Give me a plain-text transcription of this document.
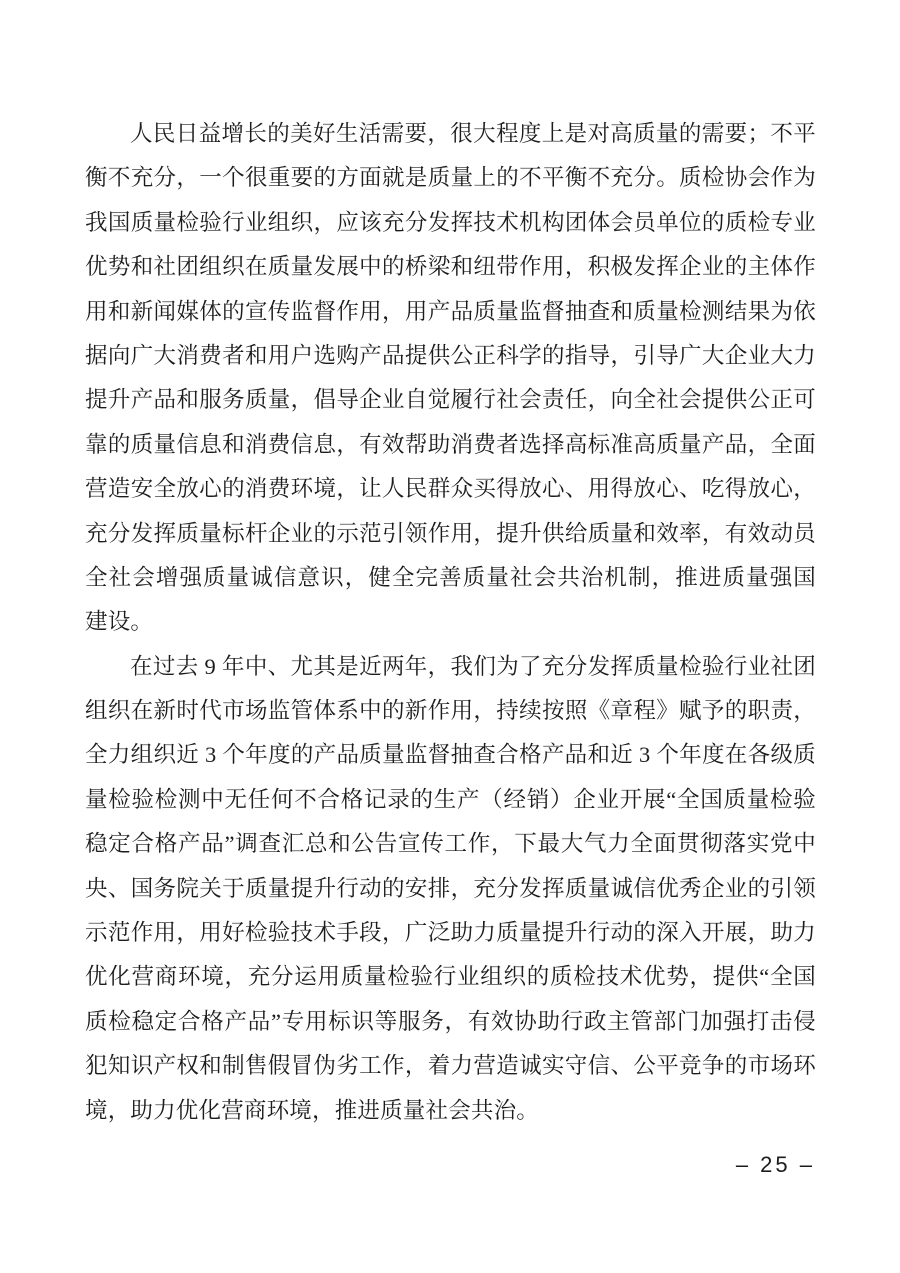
人民日益增长的美好生活需要，很大程度上是对高质量的需要；不平
衡不充分，一个很重要的方面就是质量上的不平衡不充分。质检协会作为
我国质量检验行业组织，应该充分发挥技术机构团体会员单位的质检专业
优势和社团组织在质量发展中的桥梁和纽带作用，积极发挥企业的主体作
用和新闻媒体的宣传监督作用，用产品质量监督抽查和质量检测结果为依
据向广大消费者和用户选购产品提供公正科学的指导，引导广大企业大力
提升产品和服务质量，倡导企业自觉履行社会责任，向全社会提供公正可
靠的质量信息和消费信息，有效帮助消费者选择高标准高质量产品，全面
营造安全放心的消费环境，让人民群众买得放心、用得放心、吃得放心，
充分发挥质量标杆企业的示范引领作用，提升供给质量和效率，有效动员
全社会增强质量诚信意识，健全完善质量社会共治机制，推进质量强国
建设。
在过去 9 年中、尤其是近两年，我们为了充分发挥质量检验行业社团
组织在新时代市场监管体系中的新作用，持续按照《章程》赋予的职责，
全力组织近 3 个年度的产品质量监督抽查合格产品和近 3 个年度在各级质
量检验检测中无任何不合格记录的生产（经销）企业开展“全国质量检验
稳定合格产品”调查汇总和公告宣传工作，下最大气力全面贯彻落实党中
央、国务院关于质量提升行动的安排，充分发挥质量诚信优秀企业的引领
示范作用，用好检验技术手段，广泛助力质量提升行动的深入开展，助力
优化营商环境，充分运用质量检验行业组织的质检技术优势，提供“全国
质检稳定合格产品”专用标识等服务，有效协助行政主管部门加强打击侵
犯知识产权和制售假冒伪劣工作，着力营造诚实守信、公平竞争的市场环
境，助力优化营商环境，推进质量社会共治。
– 25 –
